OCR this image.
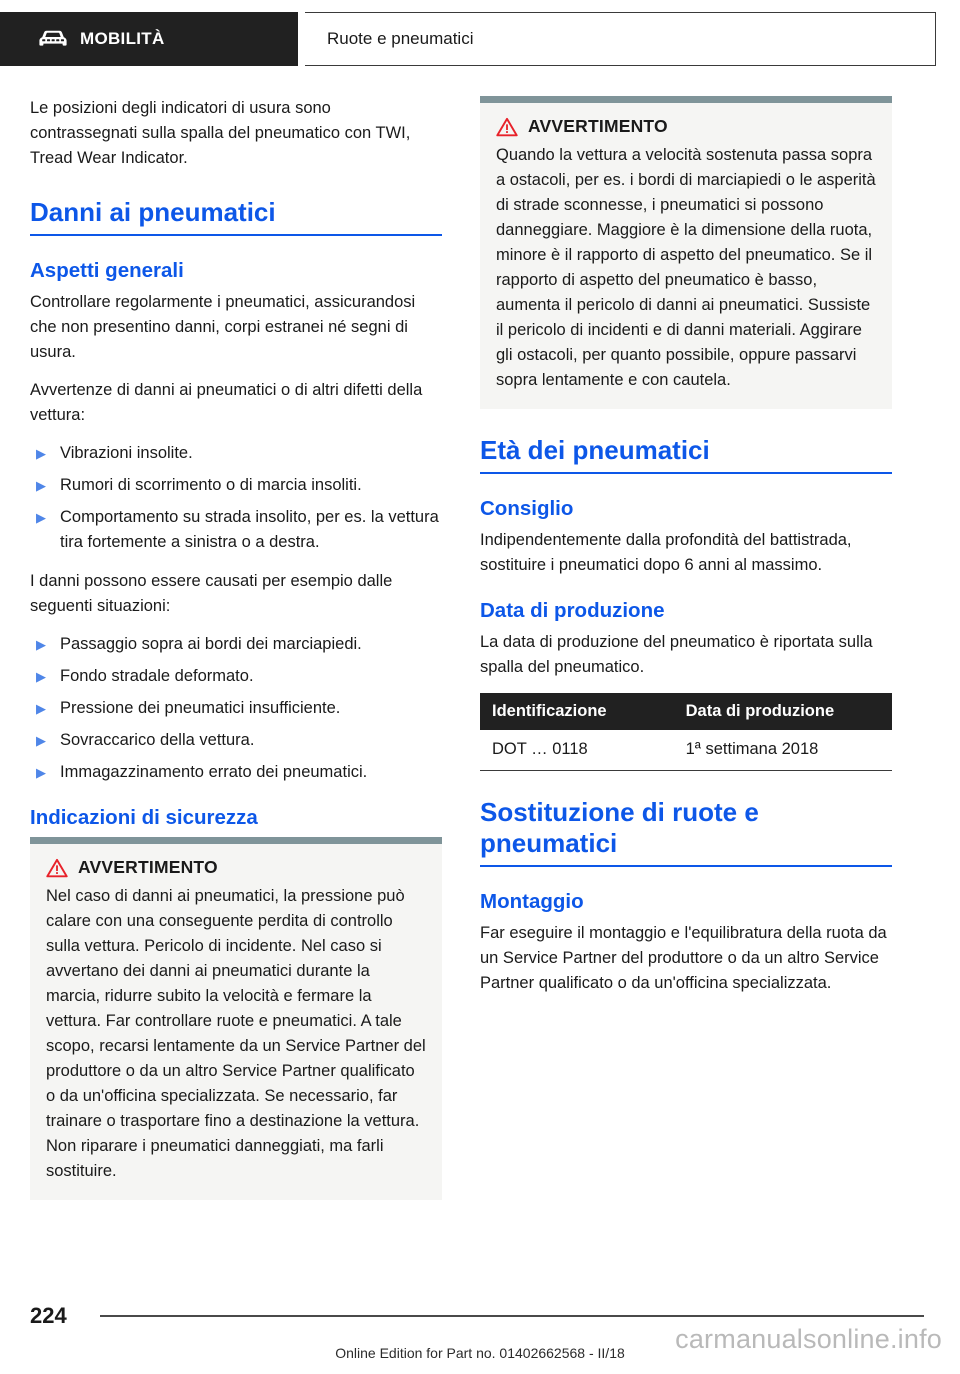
MOBILITÀ	Ruote e pneumatici

Le posizioni degli indicatori di usura sono contrassegnati sulla spalla del pneumatico con TWI, Tread Wear Indicator.

Danni ai pneumatici
Aspetti generali

Controllare regolarmente i pneumatici, assicurandosi che non presentino danni, corpi estranei né segni di usura.

Avvertenze di danni ai pneumatici o di altri difetti della vettura:

▶ Vibrazioni insolite.
▶ Rumori di scorrimento o di marcia insoliti.
▶ Comportamento su strada insolito, per es. la vettura tira fortemente a sinistra o a destra.

I danni possono essere causati per esempio dalle seguenti situazioni:

▶ Passaggio sopra ai bordi dei marciapiedi.
▶ Fondo stradale deformato.
▶ Pressione dei pneumatici insufficiente.
▶ Sovraccarico della vettura.
▶ Immagazzinamento errato dei pneumatici.
Indicazioni di sicurezza
AVVERTIMENTO

Nel caso di danni ai pneumatici, la pressione può calare con una conseguente perdita di controllo sulla vettura. Pericolo di incidente. Nel caso si avvertano dei danni ai pneumatici durante la marcia, ridurre subito la velocità e fermare la vettura. Far controllare ruote e pneumatici. A tale scopo, recarsi lentamente da un Service Partner del produttore o da un altro Service Partner qualificato o da un'officina specializzata. Se necessario, far trainare o trasportare fino a destinazione la vettura. Non riparare i pneumatici danneggiati, ma farli sostituire.

AVVERTIMENTO

Quando la vettura a velocità sostenuta passa sopra a ostacoli, per es. i bordi di marciapiedi o le asperità di strade sconnesse, i pneumatici si possono danneggiare. Maggiore è la dimensione della ruota, minore è il rapporto di aspetto del pneumatico. Se il rapporto di aspetto del pneumatico è basso, aumenta il pericolo di danni ai pneumatici. Sussiste il pericolo di incidenti e di danni materiali. Aggirare gli ostacoli, per quanto possibile, oppure passarvi sopra lentamente e con cautela.

Età dei pneumatici
Consiglio

Indipendentemente dalla profondità del battistrada, sostituire i pneumatici dopo 6 anni al massimo.

Data di produzione

La data di produzione del pneumatico è riportata sulla spalla del pneumatico.

Identificazione	Data di produzione
DOT … 0118	1ª settimana 2018
Sostituzione di ruote e pneumatici
Montaggio

Far eseguire il montaggio e l'equilibratura della ruota da un Service Partner del produttore o da un altro Service Partner qualificato o da un'officina specializzata.

224
Online Edition for Part no. 01402662568 - II/18 carmanualsonline.info
